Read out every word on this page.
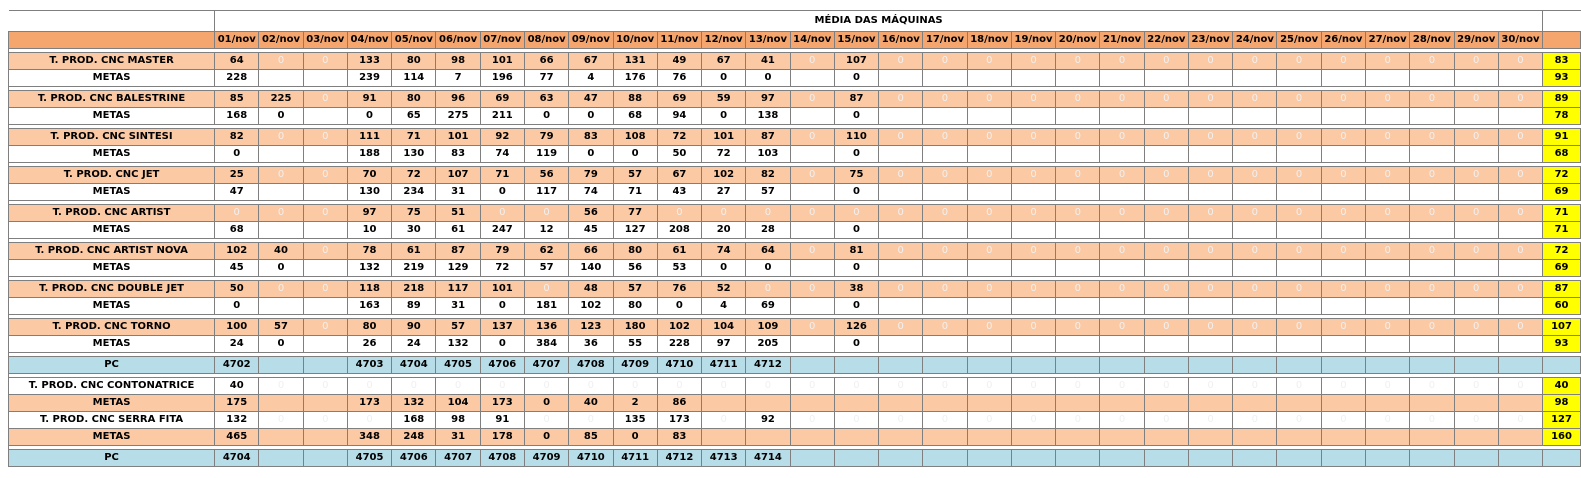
	MÉDIA DAS MÁQUINAS																														
	01/nov	02/nov	03/nov	04/nov	05/nov	06/nov	07/nov	08/nov	09/nov	10/nov	11/nov	12/nov	13/nov	14/nov	15/nov	16/nov	17/nov	18/nov	19/nov	20/nov	21/nov	22/nov	23/nov	24/nov	25/nov	26/nov	27/nov	28/nov	29/nov	30/nov	

T. PROD. CNC MASTER	64	0	0	133	80	98	101	66	67	131	49	67	41	0	107	0	0	0	0	0	0	0	0	0	0	0	0	0	0	0	83
METAS	228			239	114	7	196	77	4	176	76	0	0		0																93

T. PROD. CNC BALESTRINE	85	225	0	91	80	96	69	63	47	88	69	59	97	0	87	0	0	0	0	0	0	0	0	0	0	0	0	0	0	0	89
METAS	168	0		0	65	275	211	0	0	68	94	0	138		0																78

T. PROD. CNC SINTESI	82	0	0	111	71	101	92	79	83	108	72	101	87	0	110	0	0	0	0	0	0	0	0	0	0	0	0	0	0	0	91
METAS	0			188	130	83	74	119	0	0	50	72	103		0																68

T. PROD. CNC JET	25	0	0	70	72	107	71	56	79	57	67	102	82	0	75	0	0	0	0	0	0	0	0	0	0	0	0	0	0	0	72
METAS	47			130	234	31	0	117	74	71	43	27	57		0																69

T. PROD. CNC ARTIST	0	0	0	97	75	51	0	0	56	77	0	0	0	0	0	0	0	0	0	0	0	0	0	0	0	0	0	0	0	0	71
METAS	68			10	30	61	247	12	45	127	208	20	28		0																71

T. PROD. CNC ARTIST NOVA	102	40	0	78	61	87	79	62	66	80	61	74	64	0	81	0	0	0	0	0	0	0	0	0	0	0	0	0	0	0	72
METAS	45	0		132	219	129	72	57	140	56	53	0	0		0																69

T. PROD. CNC DOUBLE JET	50	0	0	118	218	117	101	0	48	57	76	52	0	0	38	0	0	0	0	0	0	0	0	0	0	0	0	0	0	0	87
METAS	0			163	89	31	0	181	102	80	0	4	69		0																60

T. PROD. CNC TORNO	100	57	0	80	90	57	137	136	123	180	102	104	109	0	126	0	0	0	0	0	0	0	0	0	0	0	0	0	0	0	107
METAS	24	0		26	24	132	0	384	36	55	228	97	205		0																93

PC	4702			4703	4704	4705	4706	4707	4708	4709	4710	4711	4712																		

T. PROD. CNC CONTONATRICE	40	0	0	0	0	0	0	0	0	0	0	0	0	0	0	0	0	0	0	0	0	0	0	0	0	0	0	0	0	0	40
METAS	175			173	132	104	173	0	40	2	86																				98
T. PROD. CNC SERRA FITA	132	0	0	0	168	98	91	0	0	135	173	0	92	0	0	0	0	0	0	0	0	0	0	0	0	0	0	0	0	0	127
METAS	465			348	248	31	178	0	85	0	83																				160

PC	4704			4705	4706	4707	4708	4709	4710	4711	4712	4713	4714																		
